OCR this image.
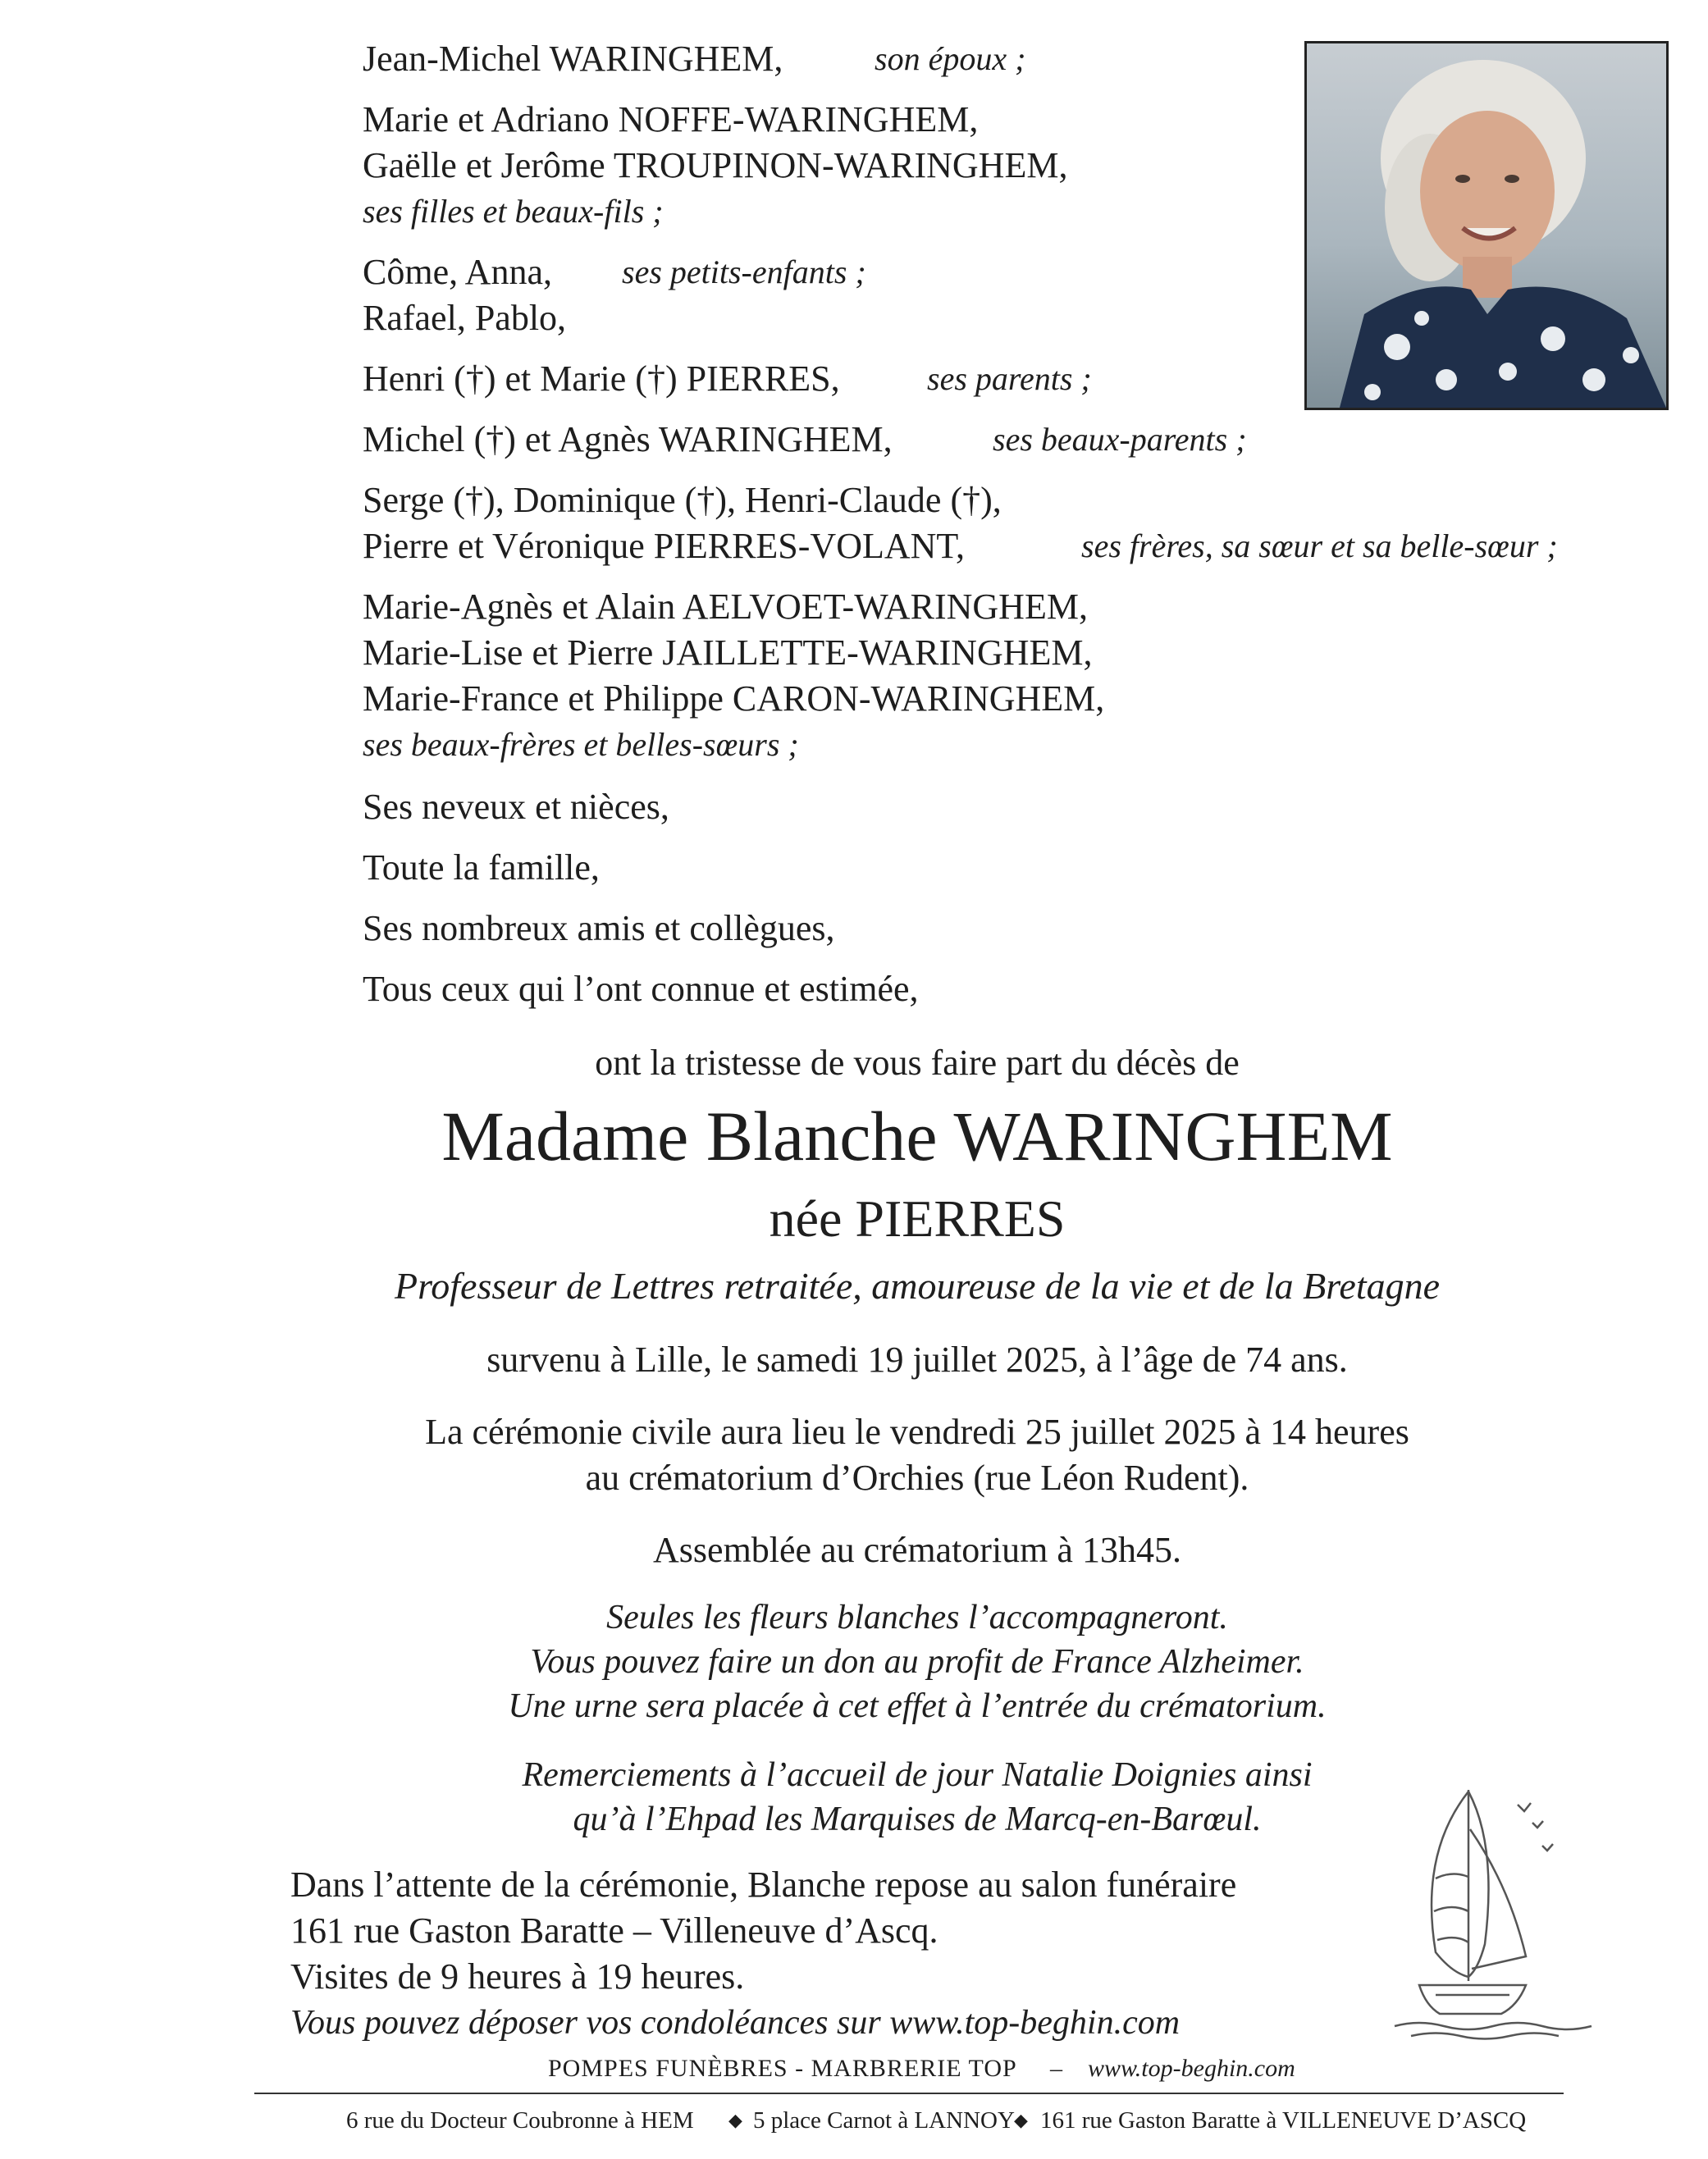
Jean-Michel WARINGHEM,	son époux ;
Marie et Adriano NOFFE-WARINGHEM,
Gaëlle et Jerôme TROUPINON-WARINGHEM,
ses filles et beaux-fils ;
Côme, Anna, ses petits-enfants ;
Rafael, Pablo,
Henri (†) et Marie (†) PIERRES,	ses parents ;
Michel (†) et Agnès WARINGHEM,	ses beaux-parents ;
Serge (†), Dominique (†), Henri-Claude (†),
Pierre et Véronique PIERRES-VOLANT,	ses frères, sa sœur et sa belle-sœur ;
Marie-Agnès et Alain AELVOET-WARINGHEM,
Marie-Lise et Pierre JAILLETTE-WARINGHEM,
Marie-France et Philippe CARON-WARINGHEM,
ses beaux-frères et belles-sœurs ;
Ses neveux et nièces,
Toute la famille,
Ses nombreux amis et collègues,
Tous ceux qui l’ont connue et estimée,
ont la tristesse de vous faire part du décès de
Madame Blanche WARINGHEM
née PIERRES
Professeur de Lettres retraitée, amoureuse de la vie et de la Bretagne
survenu à Lille, le samedi 19 juillet 2025, à l’âge de 74 ans.
La cérémonie civile aura lieu le vendredi 25 juillet 2025 à 14 heures
au crématorium d’Orchies (rue Léon Rudent).
Assemblée au crématorium à 13h45.
Seules les fleurs blanches l’accompagneront.
Vous pouvez faire un don au profit de France Alzheimer.
Une urne sera placée à cet effet à l’entrée du crématorium.
Remerciements à l’accueil de jour Natalie Doignies ainsi
qu’à l’Ehpad les Marquises de Marcq-en-Barœul.
Dans l’attente de la cérémonie, Blanche repose au salon funéraire
161 rue Gaston Baratte – Villeneuve d’Ascq.
Visites de 9 heures à 19 heures.
Vous pouvez déposer vos condoléances sur www.top-beghin.com
POMPES FUNÈBRES - MARBRERIE TOP – www.top-beghin.com
6 rue du Docteur Coubronne à HEM ◆ 5 place Carnot à LANNOY ◆ 161 rue Gaston Baratte à VILLENEUVE D’ASCQ
